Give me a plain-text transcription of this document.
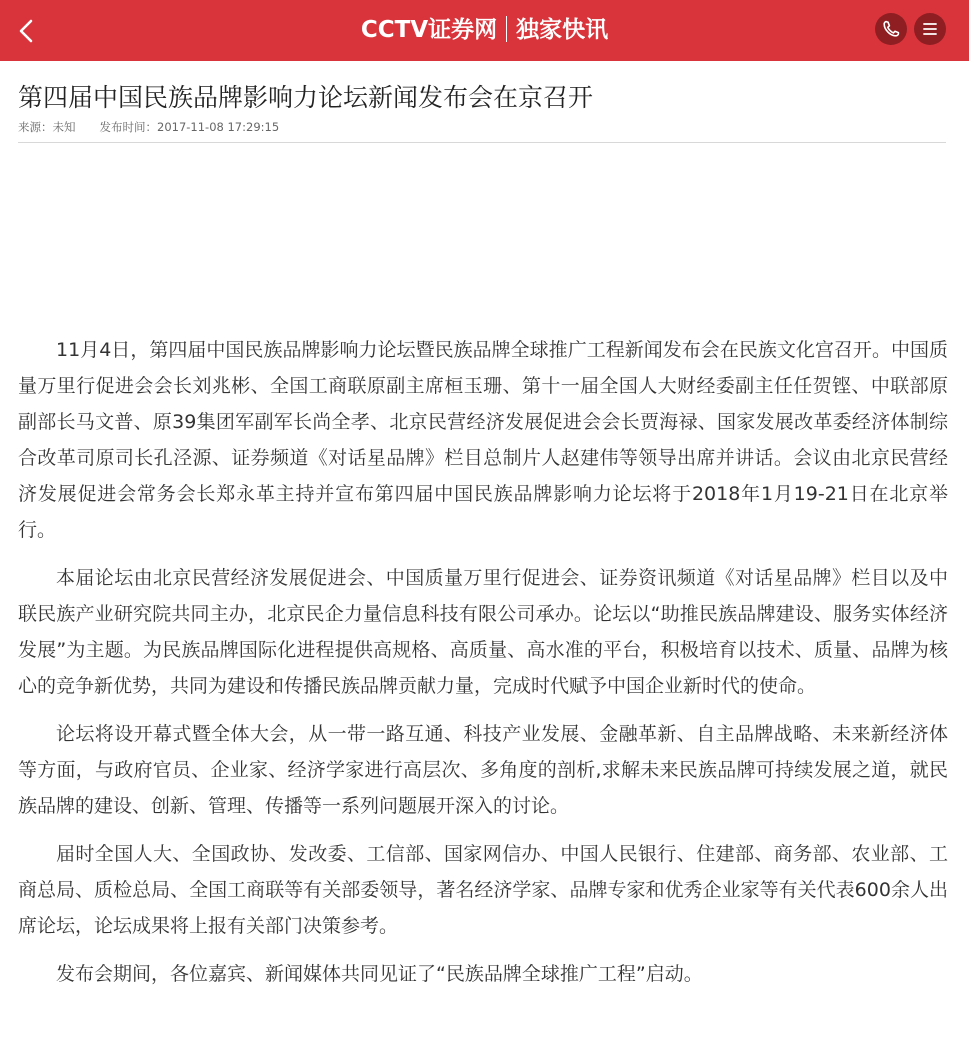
CCTV证券网 独家快讯
第四届中国民族品牌影响力论坛新闻发布会在京召开
来源：未知 发布时间：2017-11-08 17:29:15

11月4日，第四届中国民族品牌影响力论坛暨民族品牌全球推广工程新闻发布会在民族文化宫召开。中国质量万里行促进会会长刘兆彬、全国工商联原副主席桓玉珊、第十一届全国人大财经委副主任任贺铿、中联部原副部长马文普、原39集团军副军长尚全孝、北京民营经济发展促进会会长贾海禄、国家发展改革委经济体制综合改革司原司长孔泾源、证券频道《对话星品牌》栏目总制片人赵建伟等领导出席并讲话。会议由北京民营经济发展促进会常务会长郑永革主持并宣布第四届中国民族品牌影响力论坛将于2018年1月19-21日在北京举行。

本届论坛由北京民营经济发展促进会、中国质量万里行促进会、证券资讯频道《对话星品牌》栏目以及中联民族产业研究院共同主办，北京民企力量信息科技有限公司承办。论坛以“助推民族品牌建设、服务实体经济发展”为主题。为民族品牌国际化进程提供高规格、高质量、高水准的平台，积极培育以技术、质量、品牌为核心的竞争新优势，共同为建设和传播民族品牌贡献力量，完成时代赋予中国企业新时代的使命。

论坛将设开幕式暨全体大会，从一带一路互通、科技产业发展、金融革新、自主品牌战略、未来新经济体等方面，与政府官员、企业家、经济学家进行高层次、多角度的剖析,求解未来民族品牌可持续发展之道，就民族品牌的建设、创新、管理、传播等一系列问题展开深入的讨论。

届时全国人大、全国政协、发改委、工信部、国家网信办、中国人民银行、住建部、商务部、农业部、工商总局、质检总局、全国工商联等有关部委领导，著名经济学家、品牌专家和优秀企业家等有关代表600余人出席论坛，论坛成果将上报有关部门决策参考。

发布会期间，各位嘉宾、新闻媒体共同见证了“民族品牌全球推广工程”启动。
